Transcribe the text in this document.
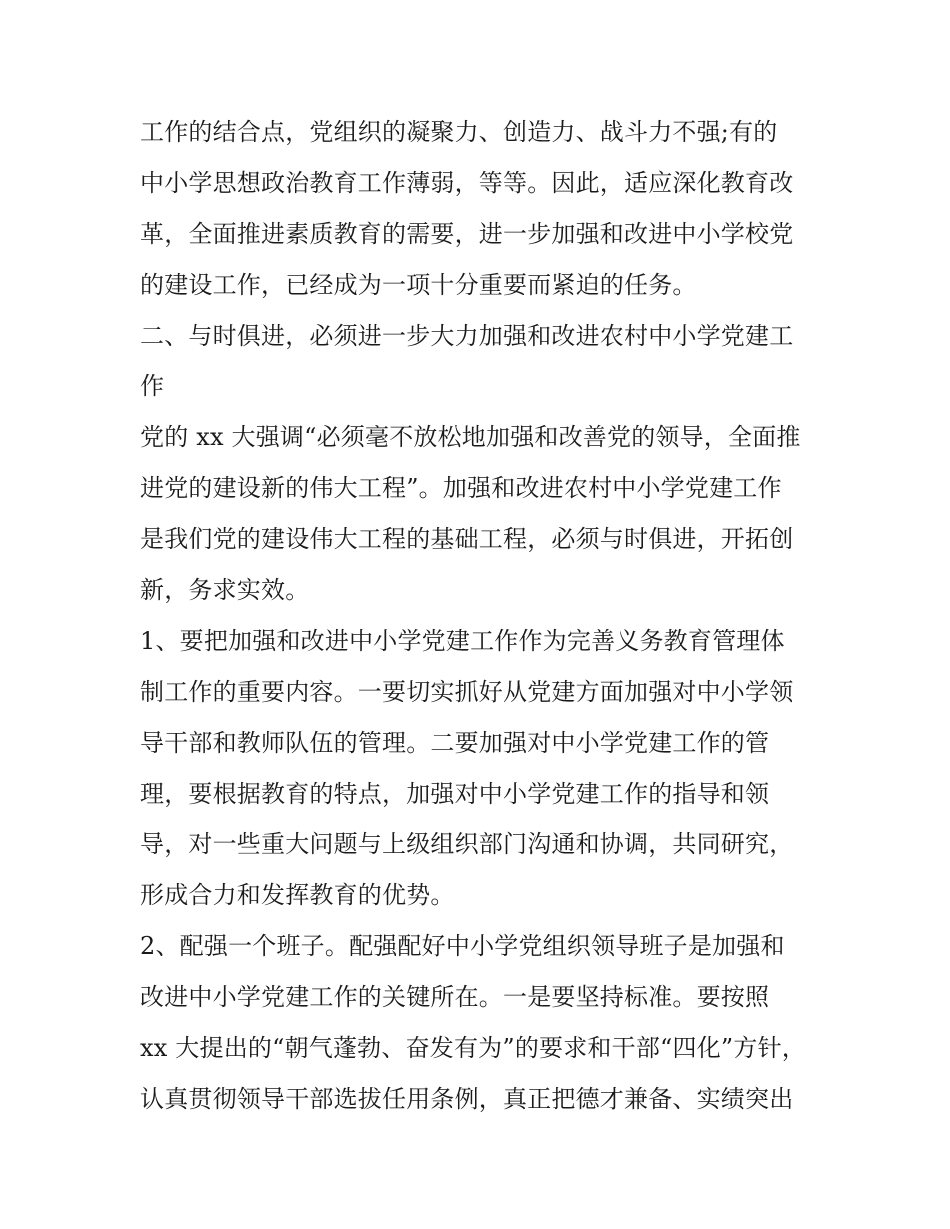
工作的结合点，党组织的凝聚力、创造力、战斗力不强;有的
中小学思想政治教育工作薄弱，等等。因此，适应深化教育改
革，全面推进素质教育的需要，进一步加强和改进中小学校党
的建设工作，已经成为一项十分重要而紧迫的任务。
二、与时俱进，必须进一步大力加强和改进农村中小学党建工
作
党的 xx 大强调“必须毫不放松地加强和改善党的领导，全面推
进党的建设新的伟大工程”。加强和改进农村中小学党建工作
是我们党的建设伟大工程的基础工程，必须与时俱进，开拓创
新，务求实效。
1、要把加强和改进中小学党建工作作为完善义务教育管理体
制工作的重要内容。一要切实抓好从党建方面加强对中小学领
导干部和教师队伍的管理。二要加强对中小学党建工作的管
理，要根据教育的特点，加强对中小学党建工作的指导和领
导，对一些重大问题与上级组织部门沟通和协调，共同研究，
形成合力和发挥教育的优势。
2、配强一个班子。配强配好中小学党组织领导班子是加强和
改进中小学党建工作的关键所在。一是要坚持标准。要按照
xx 大提出的“朝气蓬勃、奋发有为”的要求和干部“四化”方针，
认真贯彻领导干部选拔任用条例，真正把德才兼备、实绩突出
